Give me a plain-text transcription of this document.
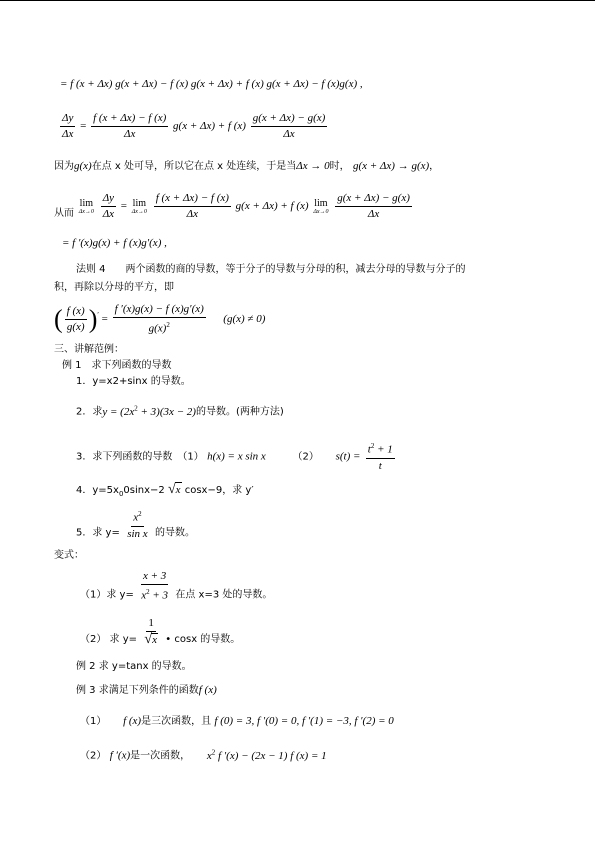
= f (x + Δx) g(x + Δx) − f (x) g(x + Δx) + f (x) g(x + Δx) − f (x)g(x) ,
$\frac{\Delta y}{\Delta x} = \frac{f (x + \Delta x) - f (x)}{\Delta x} g(x + \Delta x) + f$ $(x) \frac{g(x + \Delta x) - g(x)}{\Delta x}$
因为g(x)在点 x 处可导，所以它在点 x 处连续，于是当Δx → 0时， g(x + Δx) → g(x)，
从而
lim
Δx→0
$\frac{\Delta y}{\Delta x} = \lim$
Δx→0
$\frac{f (x + \Delta x) - f (x)}{\Delta x} g(x + \Delta x) + f$ (x) lim
Δx→0
$\frac{g(x + \Delta x) - g(x)}{\Delta x}$
= f ′(x)g(x) + f (x)g′(x) ,
法则 4　　两个函数的商的导数，等于分子的导数与分母的积，减去分母的导数与分子的
积，再除以分母的平方，即
( $\frac{f (x)}{g(x)} )' = \frac{f '(x)g(x) - f (x)g'(x)}{g(x)^2} (g(x) \ne 0)$
三、讲解范例：
例 1　求下列函数的导数
1．y=x2+sinx 的导数。
2．求$y = (2x^2 + 3)(3x - 2)$的导数。(两种方法)
3．求下列函数的导数　（1） h(x) = x sin x	（2） $s(t) = \frac{t^2 + 1}{t}$
4．$y=5x_00\sin x-2$ √x cosx−9，求 y′
5．求 $y= \frac{x^2}{\text{sin x}}$ 的导数。
变式：
（1）求 $y= \frac{x + 3}{x^2 + 3}$ 在点 x=3 处的导数。
（2） 求 $y= \frac{1}{√x}$ • cosx 的导数。
例 2 求 y=tanx 的导数。
例 3 求满足下列条件的函数f (x)
（1） f (x)是三次函数，且 f (0) = 3, f ′(0) = 0, f ′(1) = −3, f ′(2) = 0
（2） f ′(x)是一次函数， $x^2$ f ′(x) − (2x − 1) f (x) = 1
